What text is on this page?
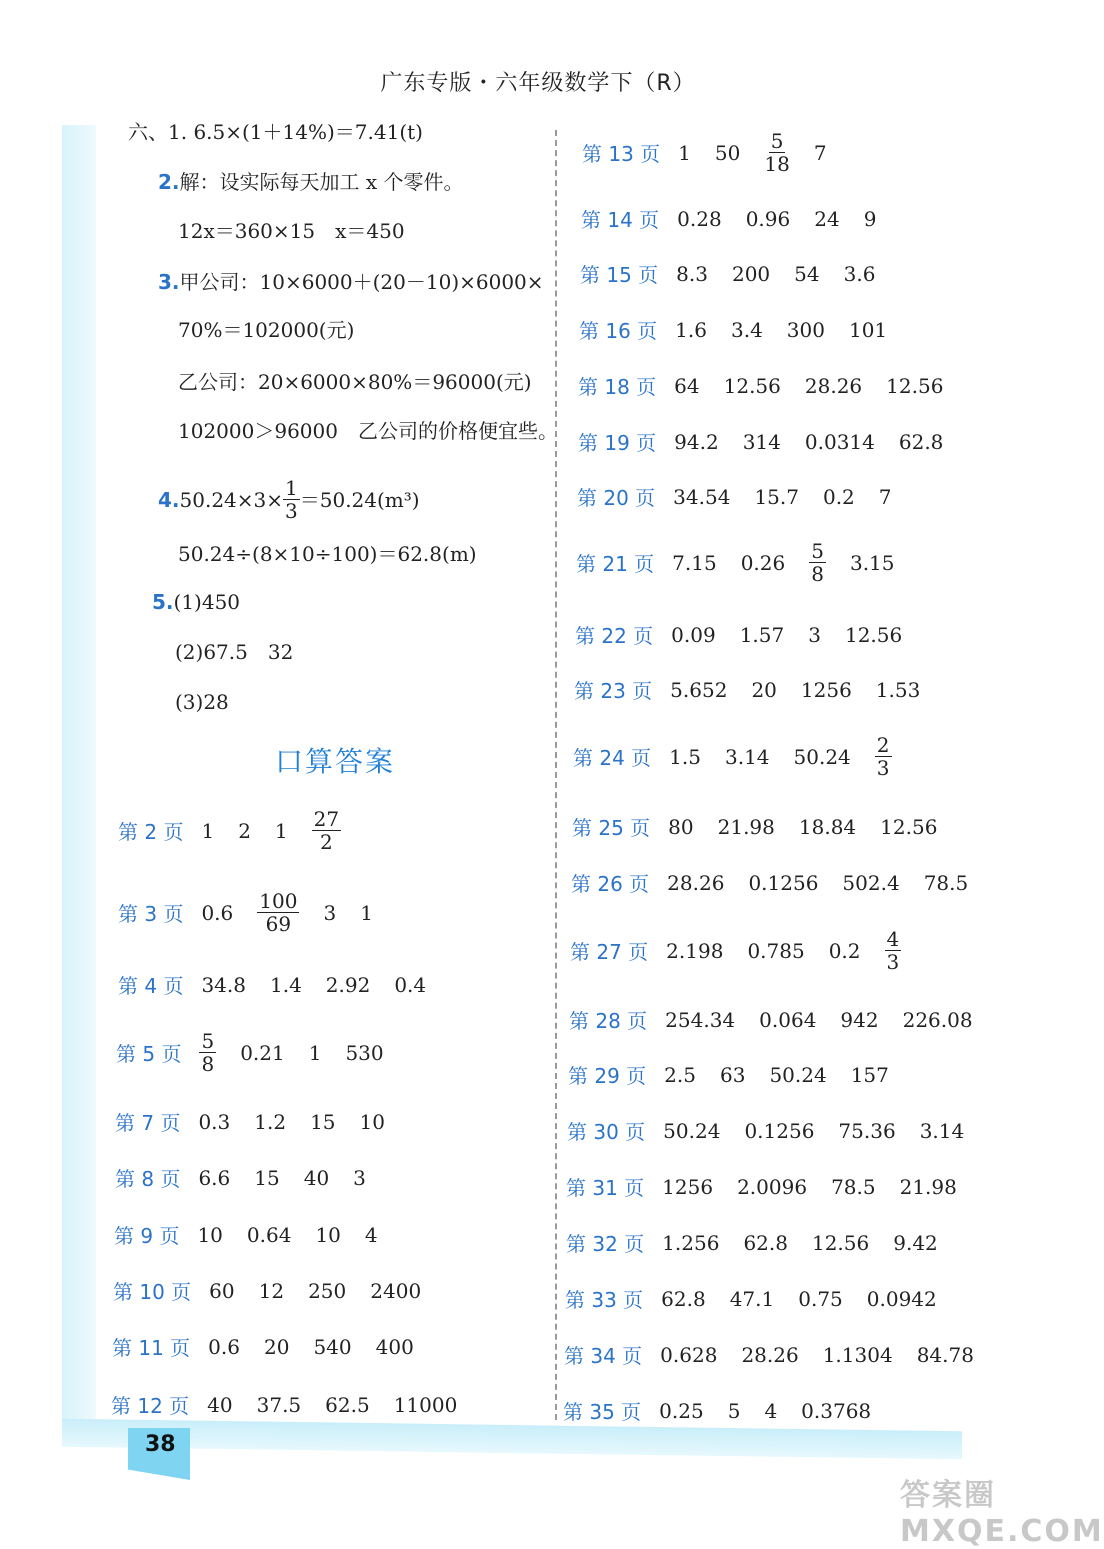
广东专版・六年级数学下（R）
六、1. 6.5×(1＋14%)＝7.41(t)
2.解：设实际每天加工 x 个零件。
12x＝360×15　x＝450
3.甲公司：10×6000＋(20－10)×6000×
70%＝102000(元)
乙公司：20×6000×80%＝96000(元)
102000＞96000　乙公司的价格便宜些。
4. $50.24\times 3\times \frac{1}{3} =50.24(m^3)$
50.24÷(8×10÷100)＝62.8(m)
5.(1)450
(2)67.5　32
(3)28
口算答案
第 2 页 1 2 $1 \frac{27}{2}$
第 3 页 $0.6 \frac{100}{69} 3$ 1
第 4 页 34.8 1.4 2.92 0.4
第 5 页 $\frac{5}{8} 0.21$ 1 530
第 7 页 0.3 1.2 15 10
第 8 页 6.6 15 40 3
第 9 页 10 0.64 10 4
第 10 页 60 12 250 2400
第 11 页 0.6 20 540 400
第 12 页 40 37.5 62.5 11000
第 13 页 1 $50 \frac{5}{18} 7$
第 14 页 0.28 0.96 24 9
第 15 页 8.3 200 54 3.6
第 16 页 1.6 3.4 300 101
第 18 页 64 12.56 28.26 12.56
第 19 页 94.2 314 0.0314 62.8
第 20 页 34.54 15.7 0.2 7
第 21 页 7.15 $0.26 \frac{5}{8} 3.15$
第 22 页 0.09 1.57 3 12.56
第 23 页 5.652 20 1256 1.53
第 24 页 1.5 3.14 $50.24 \frac{2}{3}$
第 25 页 80 21.98 18.84 12.56
第 26 页 28.26 0.1256 502.4 78.5
第 27 页 2.198 0.785 $0.2 \frac{4}{3}$
第 28 页 254.34 0.064 942 226.08
第 29 页 2.5 63 50.24 157
第 30 页 50.24 0.1256 75.36 3.14
第 31 页 1256 2.0096 78.5 21.98
第 32 页 1.256 62.8 12.56 9.42
第 33 页 62.8 47.1 0.75 0.0942
第 34 页 0.628 28.26 1.1304 84.78
第 35 页 0.25 5 4 0.3768
38
答案圈 MXQE.COM
